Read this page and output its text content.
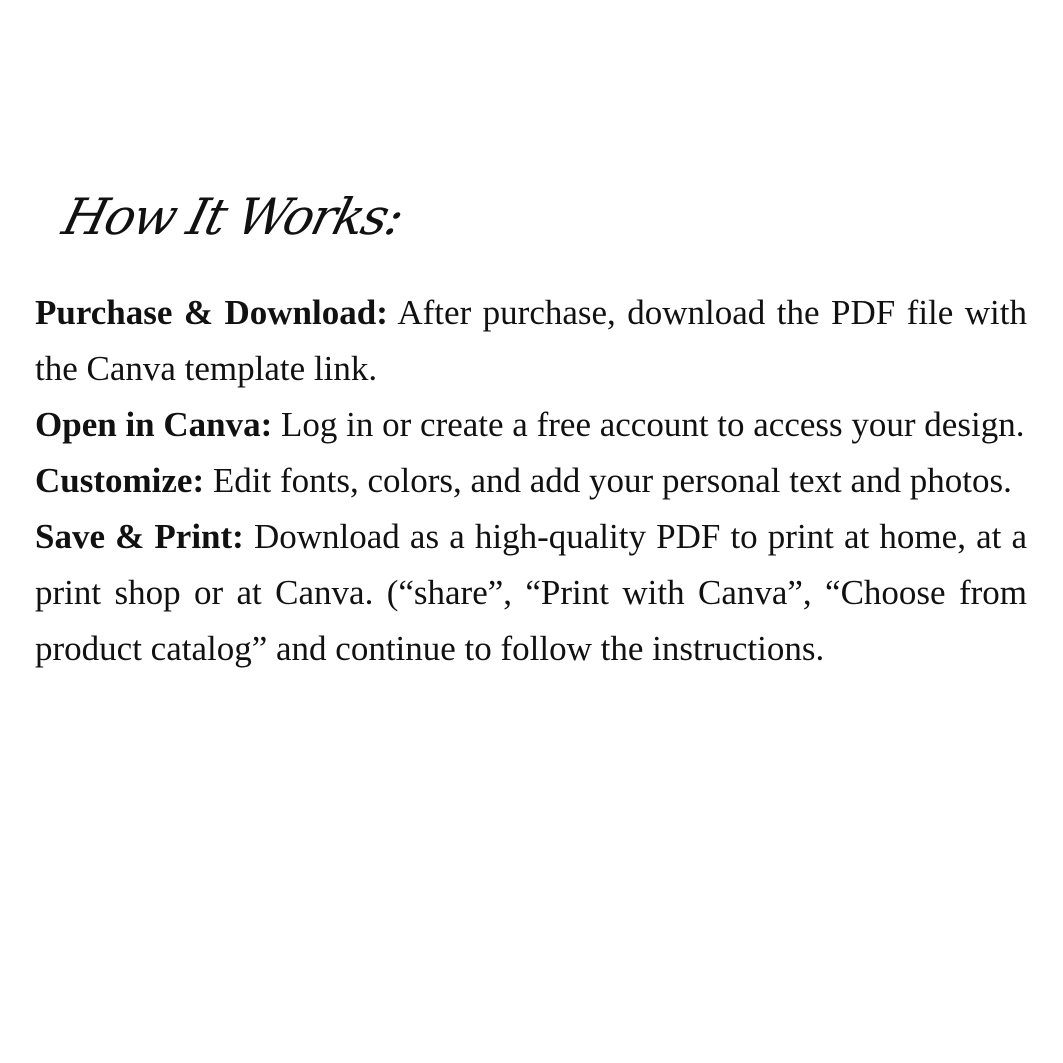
How It Works:

Purchase & Download: After purchase, download the PDF file with the Canva template link.

Open in Canva: Log in or create a free account to access your design.

Customize: Edit fonts, colors, and add your personal text and photos.

Save & Print: Download as a high-quality PDF to print at home, at a print shop or at Canva. (“share”, “Print with Canva”, “Choose from product catalog” and continue to follow the instructions.
